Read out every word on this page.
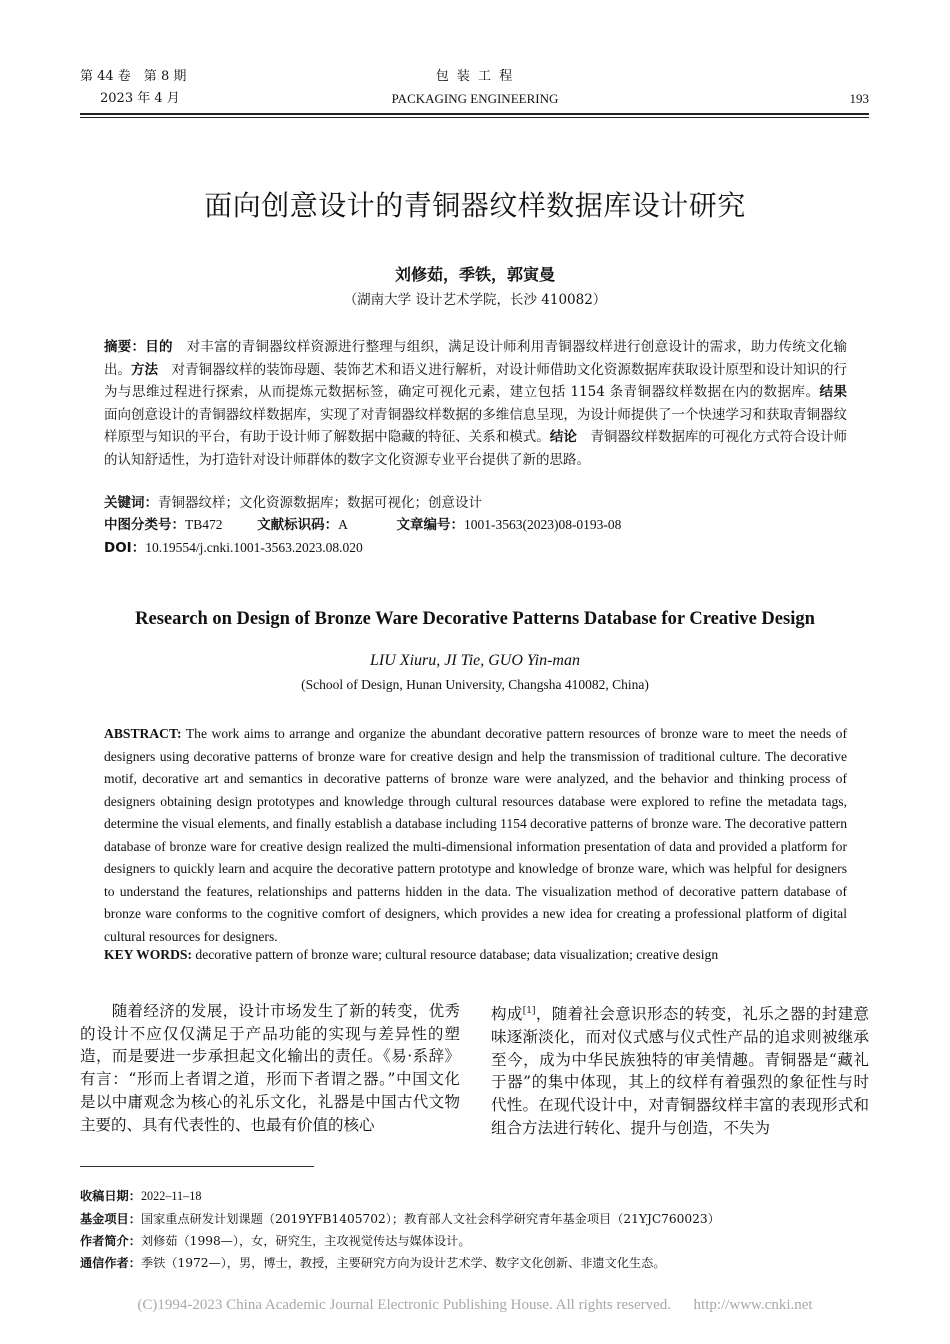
第 44 卷　第 8 期
2023 年 4 月
包 装 工 程
PACKAGING ENGINEERING	193
面向创意设计的青铜器纹样数据库设计研究
刘修茹，季铁，郭寅曼
（湖南大学 设计艺术学院，长沙 410082）
摘要：目的　 对丰富的青铜器纹样资源进行整理与组织，满足设计师利用青铜器纹样进行创意设计的需求，助力传统文化输出。方法　 对青铜器纹样的装饰母题、装饰艺术和语义进行解析，对设计师借助文化资源数据库获取设计原型和设计知识的行为与思维过程进行探索，从而提炼元数据标签，确定可视化元素，建立包括 1154 条青铜器纹样数据在内的数据库。结果　面向创意设计的青铜器纹样数据库，实现了对青铜器纹样数据的多维信息呈现，为设计师提供了一个快速学习和获取青铜器纹样原型与知识的平台，有助于设计师了解数据中隐藏的特征、关系和模式。结论　 青铜器纹样数据库的可视化方式符合设计师的认知舒适性，为打造针对设计师群体的数字文化资源专业平台提供了新的思路。
关键词：青铜器纹样；文化资源数据库；数据可视化；创意设计
中图分类号：TB472	文献标识码：A	文章编号：1001-3563(2023)08-0193-08
DOI：10.19554/j.cnki.1001-3563.2023.08.020
Research on Design of Bronze Ware Decorative Patterns Database for Creative Design
LIU Xiuru, JI Tie, GUO Yin-man
(School of Design, Hunan University, Changsha 410082, China)
ABSTRACT: The work aims to arrange and organize the abundant decorative pattern resources of bronze ware to meet the needs of designers using decorative patterns of bronze ware for creative design and help the transmission of traditional culture. The decorative motif, decorative art and semantics in decorative patterns of bronze ware were analyzed, and the behavior and thinking process of designers obtaining design prototypes and knowledge through cultural resources database were explored to refine the metadata tags, determine the visual elements, and finally establish a database including 1154 decorative patterns of bronze ware. The decorative pattern database of bronze ware for creative design realized the multi-dimensional information presentation of data and provided a platform for designers to quickly learn and acquire the decorative pattern prototype and knowledge of bronze ware, which was helpful for designers to understand the features, relationships and patterns hidden in the data. The visualization method of decorative pattern database of bronze ware conforms to the cognitive comfort of designers, which provides a new idea for creating a professional platform of digital cultural resources for designers.
KEY WORDS: decorative pattern of bronze ware; cultural resource database; data visualization; creative design
　　随着经济的发展，设计市场发生了新的转变，优秀的设计不应仅仅满足于产品功能的实现与差异性的塑造，而是要进一步承担起文化输出的责任。《易·系辞》有言：“形而上者谓之道，形而下者谓之器。”中国文化是以中庸观念为核心的礼乐文化，礼器是中国古代文物主要的、具有代表性的、也最有价值的核心
构成[1]，随着社会意识形态的转变，礼乐之器的封建意味逐渐淡化，而对仪式感与仪式性产品的追求则被继承至今，成为中华民族独特的审美情趣。青铜器是“藏礼于器”的集中体现，其上的纹样有着强烈的象征性与时代性。在现代设计中，对青铜器纹样丰富的表现形式和组合方法进行转化、提升与创造，不失为
收稿日期：2022–11–18
基金项目：国家重点研发计划课题（2019YFB1405702）；教育部人文社会科学研究青年基金项目（21YJC760023）
作者简介：刘修茹（1998—），女，研究生，主攻视觉传达与媒体设计。
通信作者：季铁（1972—），男，博士，教授，主要研究方向为设计艺术学、数字文化创新、非遗文化生态。
(C)1994-2023 China Academic Journal Electronic Publishing House. All rights reserved.      http://www.cnki.net
